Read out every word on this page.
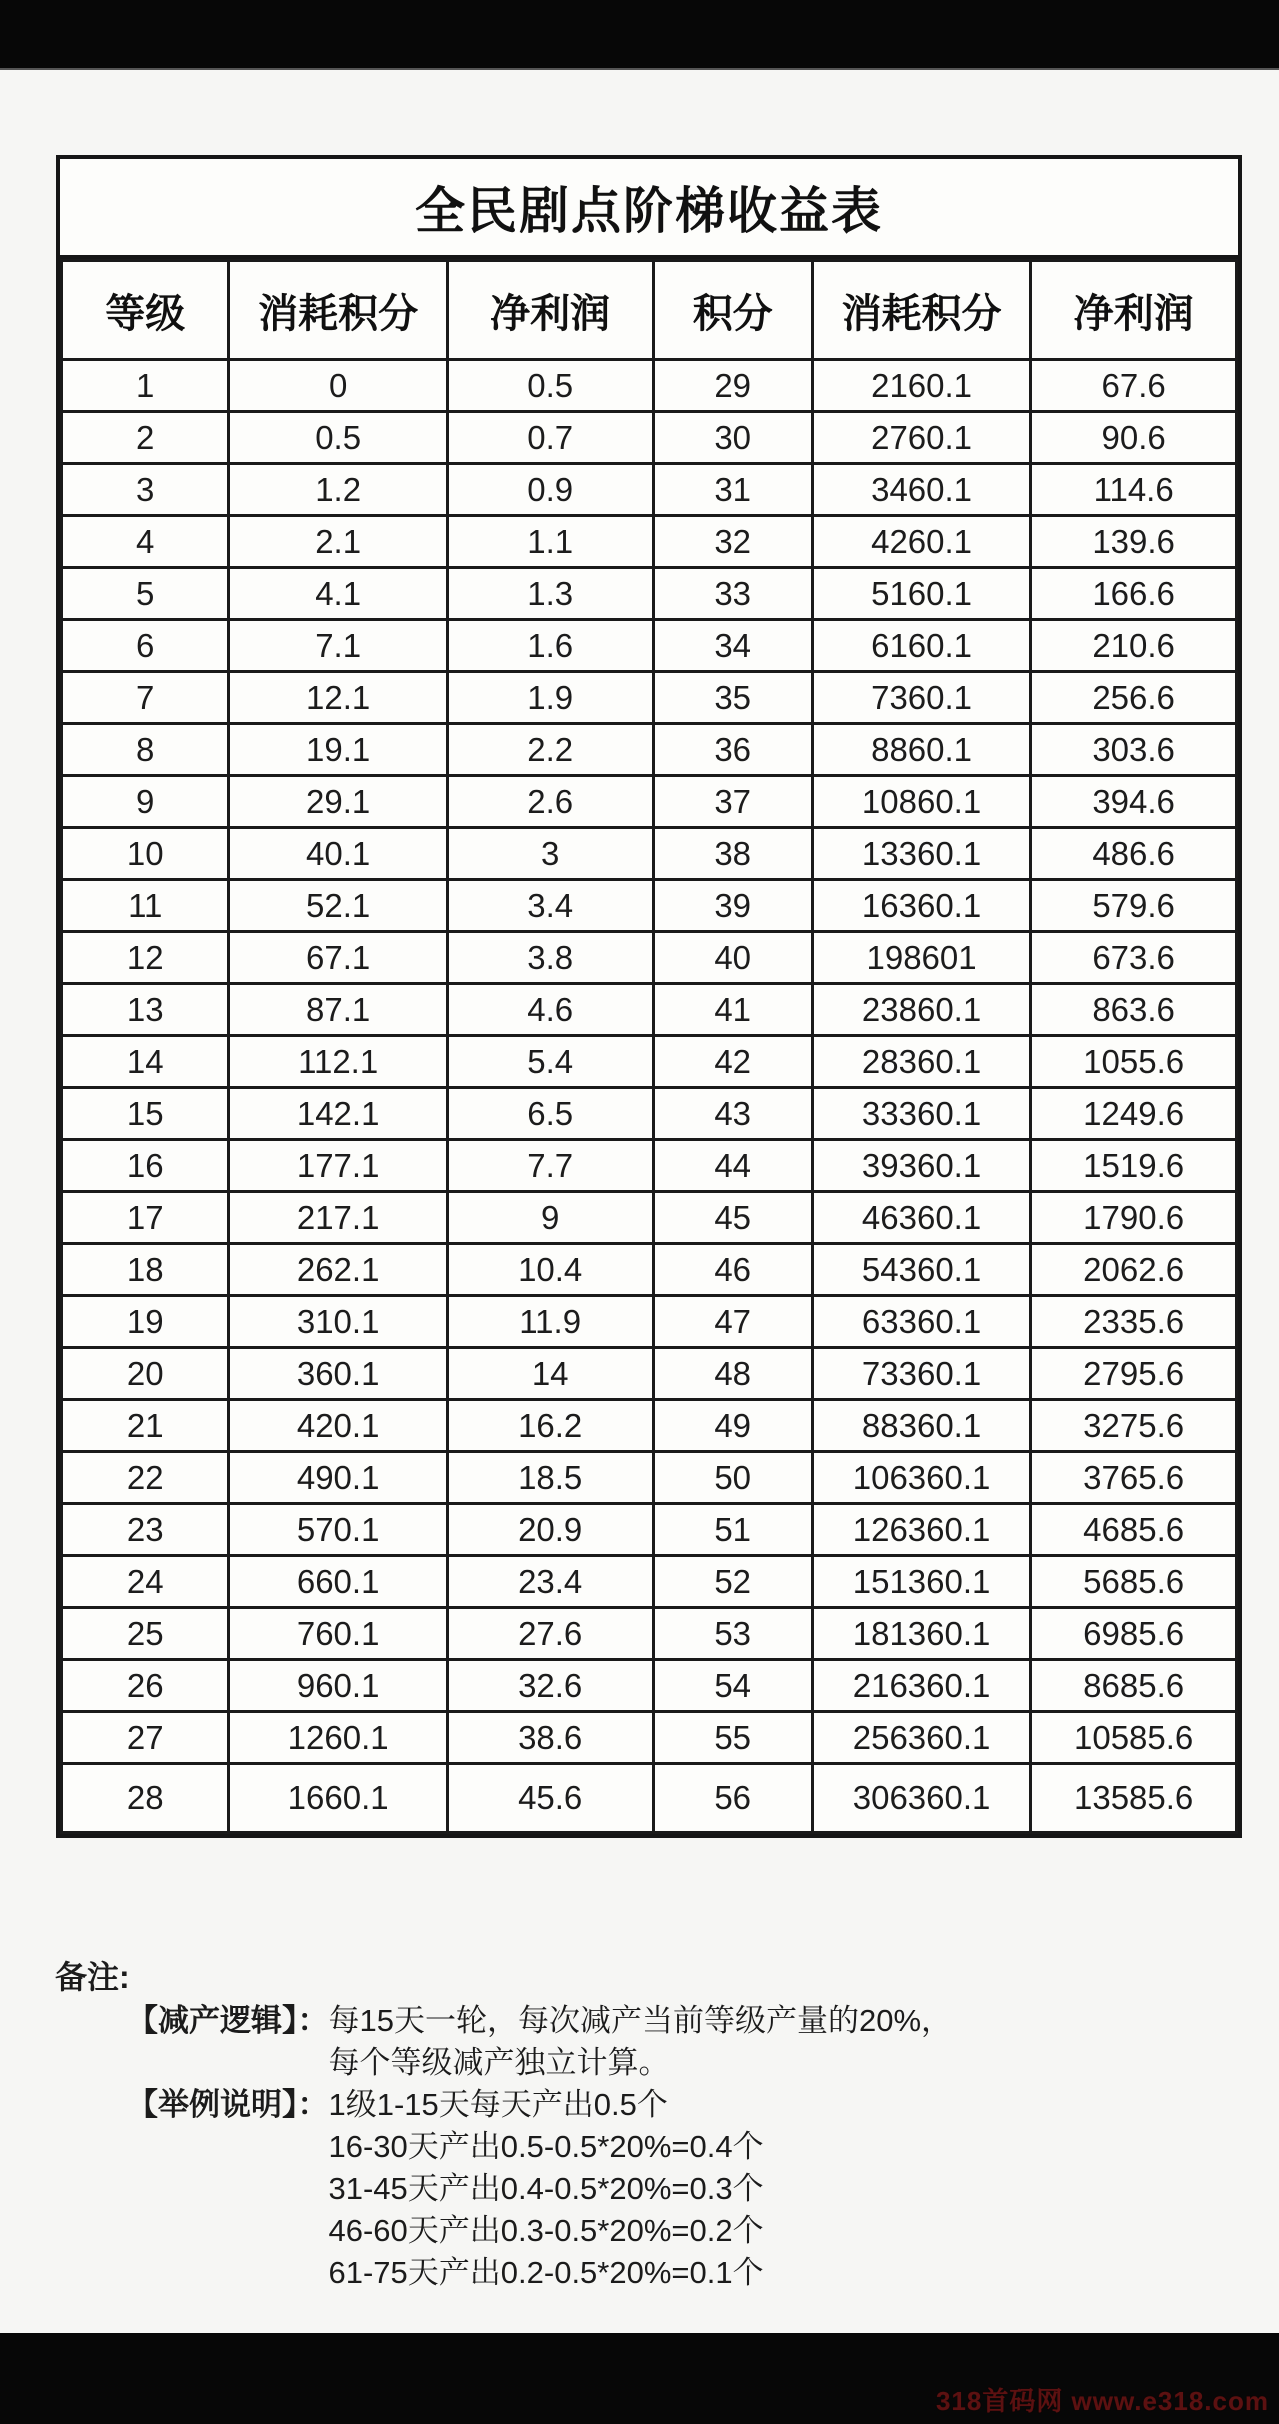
全民剧点阶梯收益表
等级	消耗积分	净利润	积分	消耗积分	净利润
1	0	0.5	29	2160.1	67.6
2	0.5	0.7	30	2760.1	90.6
3	1.2	0.9	31	3460.1	114.6
4	2.1	1.1	32	4260.1	139.6
5	4.1	1.3	33	5160.1	166.6
6	7.1	1.6	34	6160.1	210.6
7	12.1	1.9	35	7360.1	256.6
8	19.1	2.2	36	8860.1	303.6
9	29.1	2.6	37	10860.1	394.6
10	40.1	3	38	13360.1	486.6
11	52.1	3.4	39	16360.1	579.6
12	67.1	3.8	40	198601	673.6
13	87.1	4.6	41	23860.1	863.6
14	112.1	5.4	42	28360.1	1055.6
15	142.1	6.5	43	33360.1	1249.6
16	177.1	7.7	44	39360.1	1519.6
17	217.1	9	45	46360.1	1790.6
18	262.1	10.4	46	54360.1	2062.6
19	310.1	11.9	47	63360.1	2335.6
20	360.1	14	48	73360.1	2795.6
21	420.1	16.2	49	88360.1	3275.6
22	490.1	18.5	50	106360.1	3765.6
23	570.1	20.9	51	126360.1	4685.6
24	660.1	23.4	52	151360.1	5685.6
25	760.1	27.6	53	181360.1	6985.6
26	960.1	32.6	54	216360.1	8685.6
27	1260.1	38.6	55	256360.1	10585.6
28	1660.1	45.6	56	306360.1	13585.6
备注:
【减产逻辑】： 每15天一轮，每次减产当前等级产量的20%，
每个等级减产独立计算。
【举例说明】： 1级1-15天每天产出0.5个
16-30天产出0.5-0.5*20%=0.4个
31-45天产出0.4-0.5*20%=0.3个
46-60天产出0.3-0.5*20%=0.2个
61-75天产出0.2-0.5*20%=0.1个
318首码网 www.e318.com
